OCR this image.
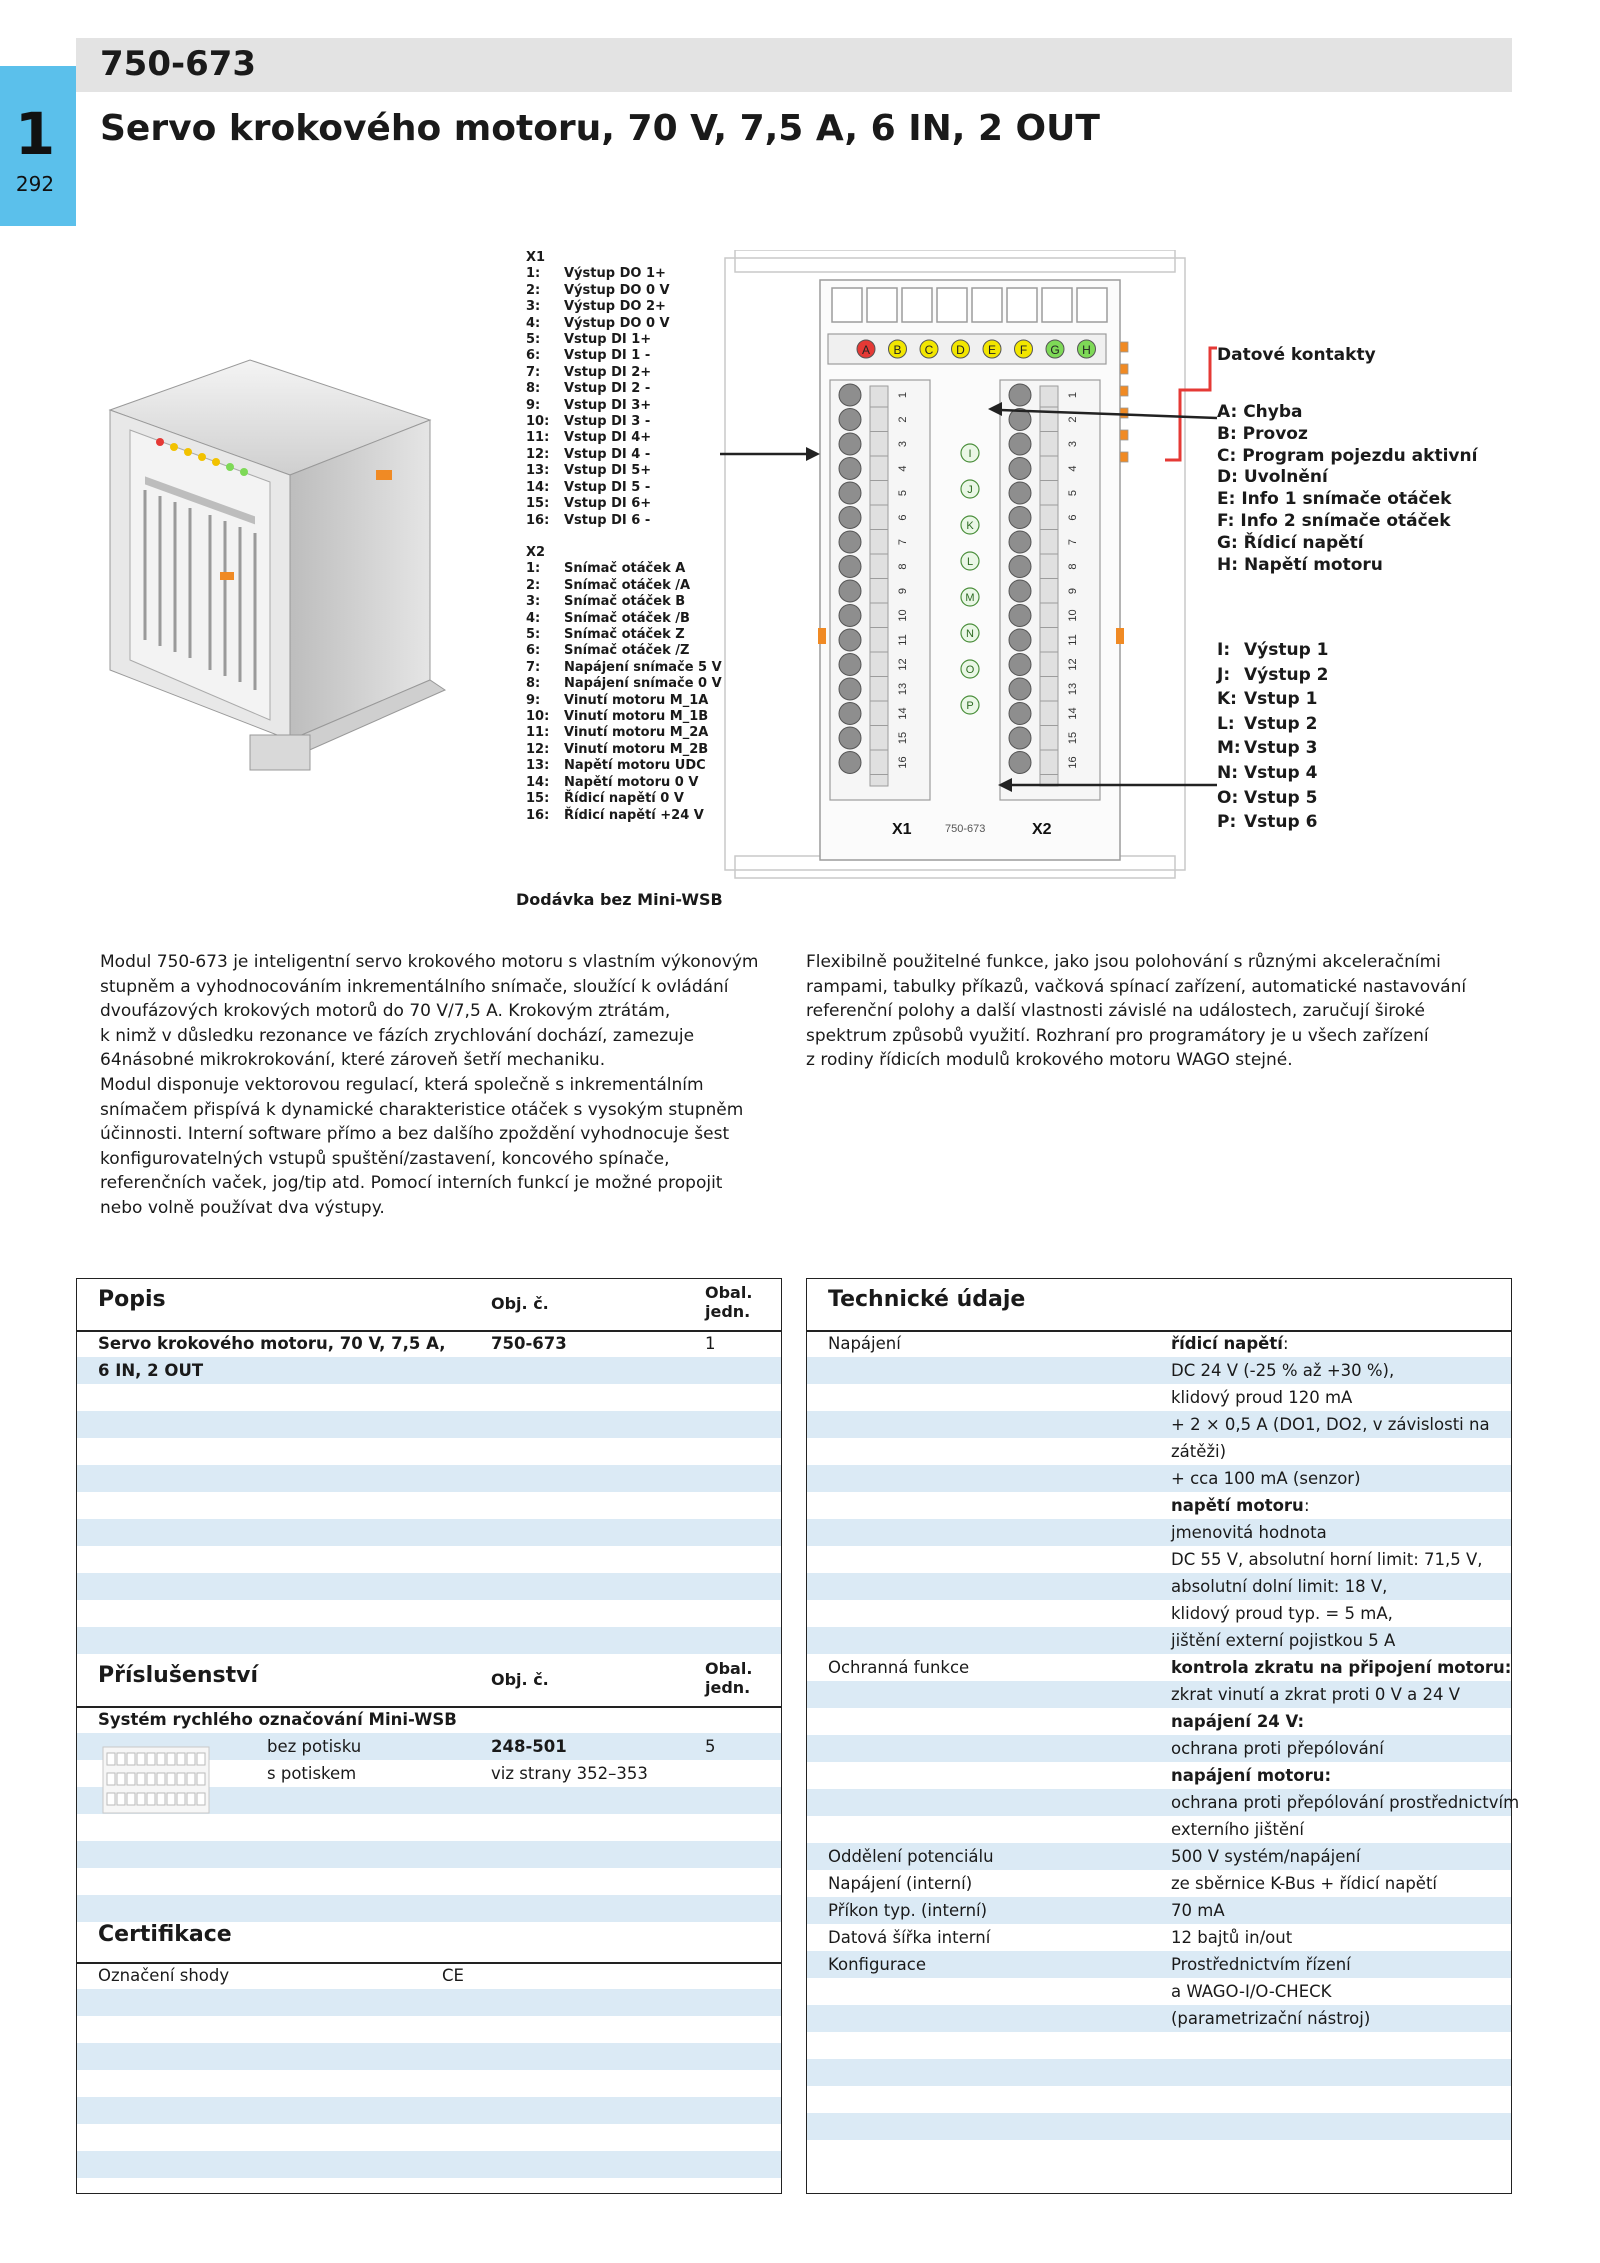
1
292
750-673
Servo krokového motoru, 70 V, 7,5 A, 6 IN, 2 OUT
X1
1:	Výstup DO 1+
2:	Výstup DO 0 V
3:	Výstup DO 2+
4:	Výstup DO 0 V
5:	Vstup DI 1+
6:	Vstup DI 1 -
7:	Vstup DI 2+
8:	Vstup DI 2 -
9:	Vstup DI 3+
10:	Vstup DI 3 -
11:	Vstup DI 4+
12:	Vstup DI 4 -
13:	Vstup DI 5+
14:	Vstup DI 5 -
15:	Vstup DI 6+
16:	Vstup DI 6 -
X2
1:	Snímač otáček A
2:	Snímač otáček /A
3:	Snímač otáček B
4:	Snímač otáček /B
5:	Snímač otáček Z
6:	Snímač otáček /Z
7:	Napájení snímače 5 V
8:	Napájení snímače 0 V
9:	Vinutí motoru M_1A
10:	Vinutí motoru M_1B
11:	Vinutí motoru M_2A
12:	Vinutí motoru M_2B
13:	Napětí motoru UDC
14:	Napětí motoru 0 V
15:	Řídicí napětí 0 V
16:	Řídicí napětí +24 V
A B C D E F G H
1
2
3
4
5
6
7
8
9
10
11
12
13
14
15
16
1
2
3
4
5
6
7
8
9
10
11
12
13
14
15
16
I
J
K
L
M
N
O
P
X1	750-673	X2
Datové kontakty
A: Chyba
B: Provoz
C: Program pojezdu aktivní
D: Uvolnění
E: Info 1 snímače otáček
F: Info 2 snímače otáček
G: Řídicí napětí
H: Napětí motoru
I: Výstup 1
J: Výstup 2
K: Vstup 1
L: Vstup 2
M: Vstup 3
N: Vstup 4
O: Vstup 5
P: Vstup 6
Dodávka bez Mini-WSB
Modul 750-673 je inteligentní servo krokového motoru s vlastním výkonovým
stupněm a vyhodnocováním inkrementálního snímače, sloužící k ovládání
dvoufázových krokových motorů do 70 V/7,5 A. Krokovým ztrátám,
k nimž v důsledku rezonance ve fázích zrychlování dochází, zamezuje
64násobné mikrokrokování, které zároveň šetří mechaniku.
Modul disponuje vektorovou regulací, která společně s inkrementálním
snímačem přispívá k dynamické charakteristice otáček s vysokým stupněm
účinnosti. Interní software přímo a bez dalšího zpoždění vyhodnocuje šest
konfigurovatelných vstupů spuštění/zastavení, koncového spínače,
referenčních vaček, jog/tip atd. Pomocí interních funkcí je možné propojit
nebo volně používat dva výstupy.
Flexibilně použitelné funkce, jako jsou polohování s různými akceleračními
rampami, tabulky příkazů, vačková spínací zařízení, automatické nastavování
referenční polohy a další vlastnosti závislé na událostech, zaručují široké
spektrum způsobů využití. Rozhraní pro programátory je u všech zařízení
z rodiny řídicích modulů krokového motoru WAGO stejné.
Popis	Obj. č.
Obal. jedn.
Příslušenství	Obj. č.
Obal. jedn.
Certifikace
Servo krokového motoru, 70 V, 7,5 A,	750-673	1
6 IN, 2 OUT
Systém rychlého označování Mini-WSB
bez potisku	248-501	5
s potiskem	viz strany 352–353
Označení shody	CE
Technické údaje
Napájení	řídicí napětí :
DC 24 V (-25 % až +30 %),
klidový proud 120 mA
+ 2 × 0,5 A (DO1, DO2, v závislosti na
zátěži)
+ cca 100 mA (senzor)
napětí motoru :
jmenovitá hodnota
DC 55 V, absolutní horní limit: 71,5 V,
absolutní dolní limit: 18 V,
klidový proud typ. = 5 mA,
jištění externí pojistkou 5 A
Ochranná funkce	kontrola zkratu na připojení motoru:
zkrat vinutí a zkrat proti 0 V a 24 V
napájení 24 V:
ochrana proti přepólování
napájení motoru:
ochrana proti přepólování prostřednictvím
externího jištění
Oddělení potenciálu	500 V systém/napájení
Napájení (interní)	ze sběrnice K-Bus + řídicí napětí
Příkon typ. (interní)	70 mA
Datová šířka interní	12 bajtů in/out
Konfigurace	Prostřednictvím řízení
a WAGO-I/O-CHECK
(parametrizační nástroj)
